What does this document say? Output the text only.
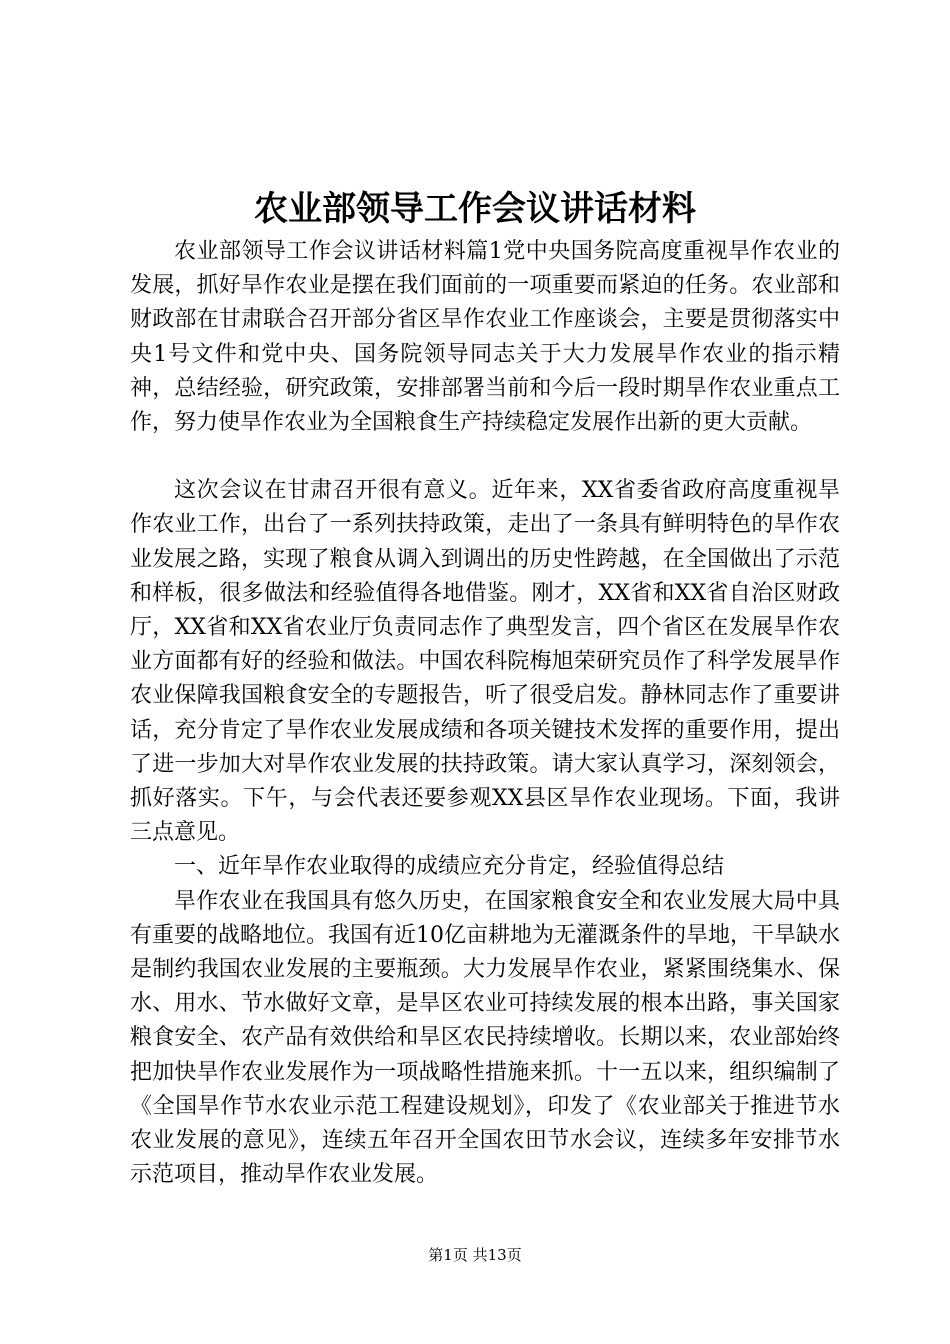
农业部领导工作会议讲话材料

农业部领导工作会议讲话材料篇1党中央国务院高度重视旱作农业的发展，抓好旱作农业是摆在我们面前的一项重要而紧迫的任务。农业部和财政部在甘肃联合召开部分省区旱作农业工作座谈会，主要是贯彻落实中央1号文件和党中央、国务院领导同志关于大力发展旱作农业的指示精神，总结经验，研究政策，安排部署当前和今后一段时期旱作农业重点工作，努力使旱作农业为全国粮食生产持续稳定发展作出新的更大贡献。

这次会议在甘肃召开很有意义。近年来，XX省委省政府高度重视旱作农业工作，出台了一系列扶持政策，走出了一条具有鲜明特色的旱作农业发展之路，实现了粮食从调入到调出的历史性跨越，在全国做出了示范和样板，很多做法和经验值得各地借鉴。刚才，XX省和XX省自治区财政厅，XX省和XX省农业厅负责同志作了典型发言，四个省区在发展旱作农业方面都有好的经验和做法。中国农科院梅旭荣研究员作了科学发展旱作农业保障我国粮食安全的专题报告，听了很受启发。静林同志作了重要讲话，充分肯定了旱作农业发展成绩和各项关键技术发挥的重要作用，提出了进一步加大对旱作农业发展的扶持政策。请大家认真学习，深刻领会，抓好落实。下午，与会代表还要参观XX县区旱作农业现场。下面，我讲三点意见。

一、近年旱作农业取得的成绩应充分肯定，经验值得总结

旱作农业在我国具有悠久历史，在国家粮食安全和农业发展大局中具有重要的战略地位。我国有近10亿亩耕地为无灌溉条件的旱地，干旱缺水是制约我国农业发展的主要瓶颈。大力发展旱作农业，紧紧围绕集水、保水、用水、节水做好文章，是旱区农业可持续发展的根本出路，事关国家粮食安全、农产品有效供给和旱区农民持续增收。长期以来，农业部始终把加快旱作农业发展作为一项战略性措施来抓。十一五以来，组织编制了《全国旱作节水农业示范工程建设规划》，印发了《农业部关于推进节水农业发展的意见》，连续五年召开全国农田节水会议，连续多年安排节水示范项目，推动旱作农业发展。

第1页 共13页
